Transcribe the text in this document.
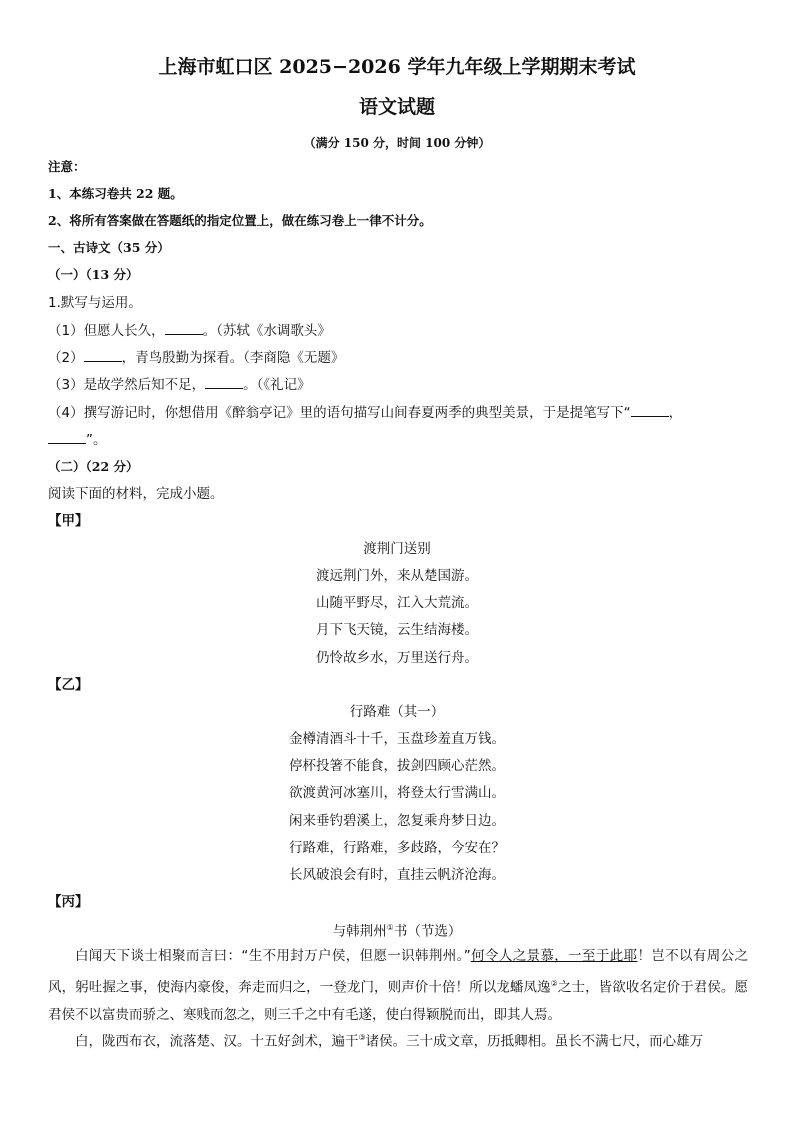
上海市虹口区 2025−2026 学年九年级上学期期末考试
语文试题
（满分 150 分，时间 100 分钟）
注意：
1、本练习卷共 22 题。
2、将所有答案做在答题纸的指定位置上，做在练习卷上一律不计分。
一、古诗文（35 分）
（一）（13 分）
1.默写与运用。
（1）但愿人长久，	。（苏轼《水调歌头》
（2）	，青鸟殷勤为探看。（李商隐《无题》
（3）是故学然后知不足，	。（《礼记》
（4）撰写游记时，你想借用《醉翁亭记》里的语句描写山间春夏两季的典型美景，于是提笔写下“	，
”。
（二）（22 分）
阅读下面的材料，完成小题。
【甲】
渡荆门送别
渡远荆门外，来从楚国游。
山随平野尽，江入大荒流。
月下飞天镜，云生结海楼。
仍怜故乡水，万里送行舟。
【乙】
行路难（其一）
金樽清酒斗十千，玉盘珍羞直万钱。
停杯投箸不能食，拔剑四顾心茫然。
欲渡黄河冰塞川，将登太行雪满山。
闲来垂钓碧溪上，忽复乘舟梦日边。
行路难，行路难，多歧路，今安在？
长风破浪会有时，直挂云帆济沧海。
【丙】
与韩荆州①书（节选）
白闻天下谈士相聚而言曰：“生不用封万户侯，但愿一识韩荆州。”何令人之景慕，一至于此耶！岂不以有周公之风，躬吐握之事，使海内豪俊，奔走而归之，一登龙门，则声价十倍！所以龙蟠凤逸②之士，皆欲收名定价于君侯。愿君侯不以富贵而骄之、寒贱而忽之，则三千之中有毛遂，使白得颖脱而出，即其人焉。
白，陇西布衣，流落楚、汉。十五好剑术，遍干③诸侯。三十成文章，历抵卿相。虽长不满七尺，而心雄万
